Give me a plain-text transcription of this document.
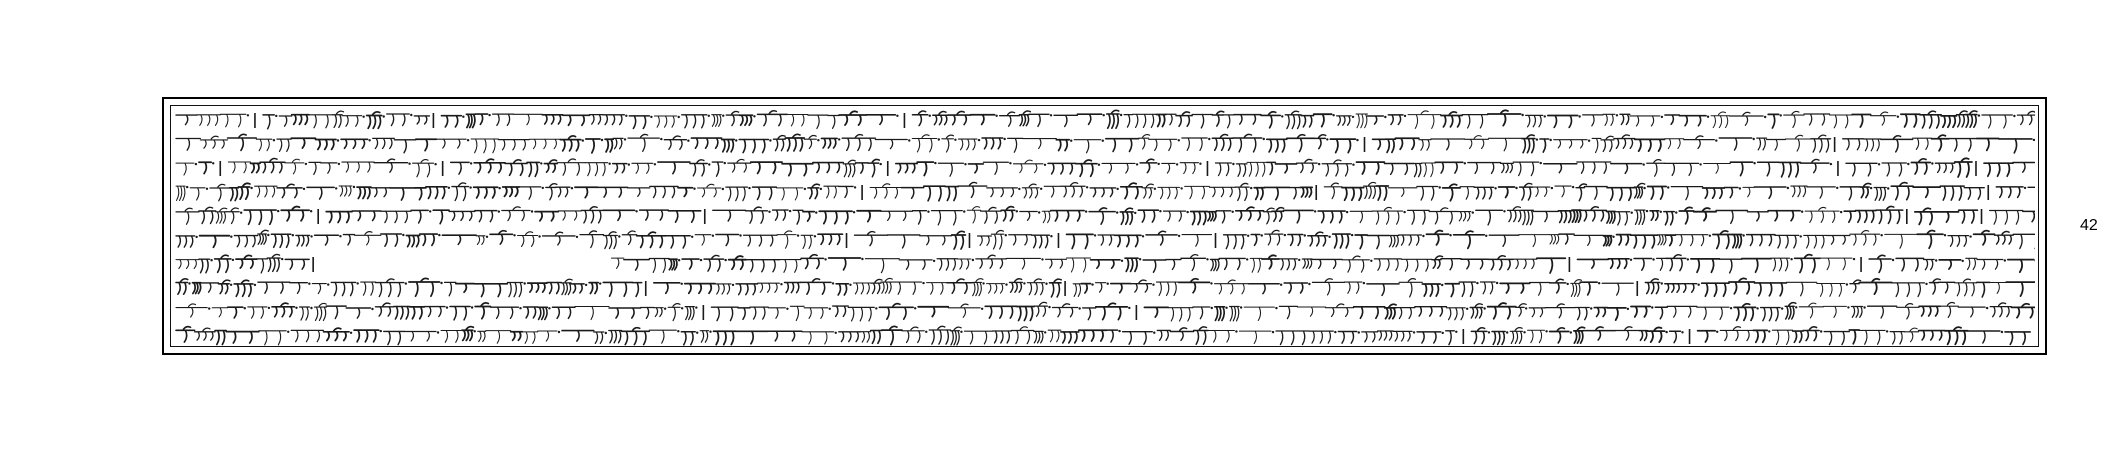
42
